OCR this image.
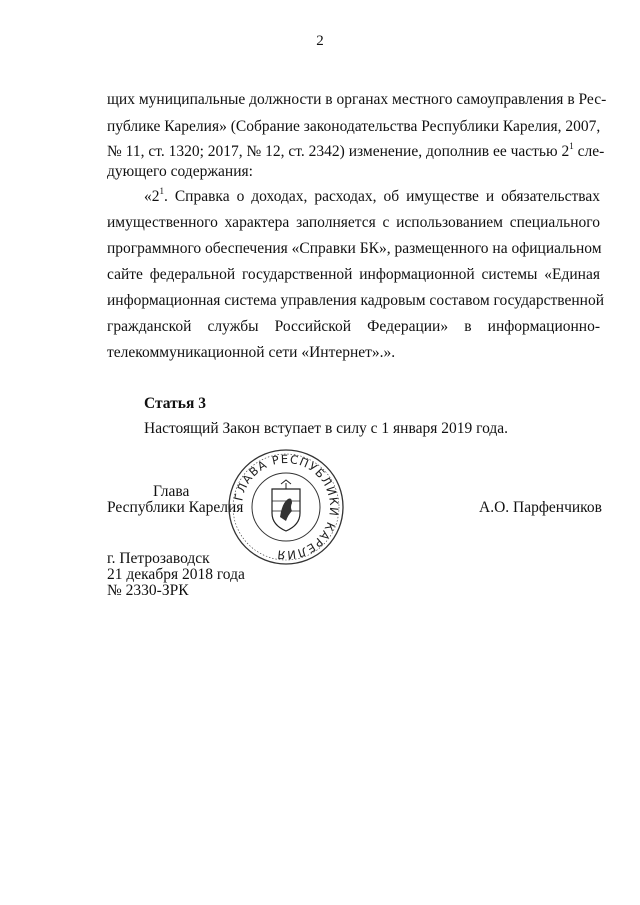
2
щих муниципальные должности в органах местного самоуправления в Рес-
публике Карелия» (Собрание законодательства Республики Карелия, 2007,
№ 11, ст. 1320; 2017, № 12, ст. 2342) изменение, дополнив ее частью $2^1$ сле-
дующего содержания:
«$2^1$. Справка о доходах, расходах, об имуществе и обязательствах
имущественного характера заполняется с использованием специального
программного обеспечения «Справки БК», размещенного на официальном
сайте федеральной государственной информационной системы «Единая
информационная система управления кадровым составом государственной
гражданской службы Российской Федерации» в информационно-
телекоммуникационной сети «Интернет».».
Статья 3
Настоящий Закон вступает в силу с 1 января 2019 года.
Глава
Республики Карелия	А.О. Парфенчиков
ГЛАВА РЕСПУБЛИКИ КАРЕЛИЯ
г. Петрозаводск
21 декабря 2018 года
№ 2330-ЗРК
